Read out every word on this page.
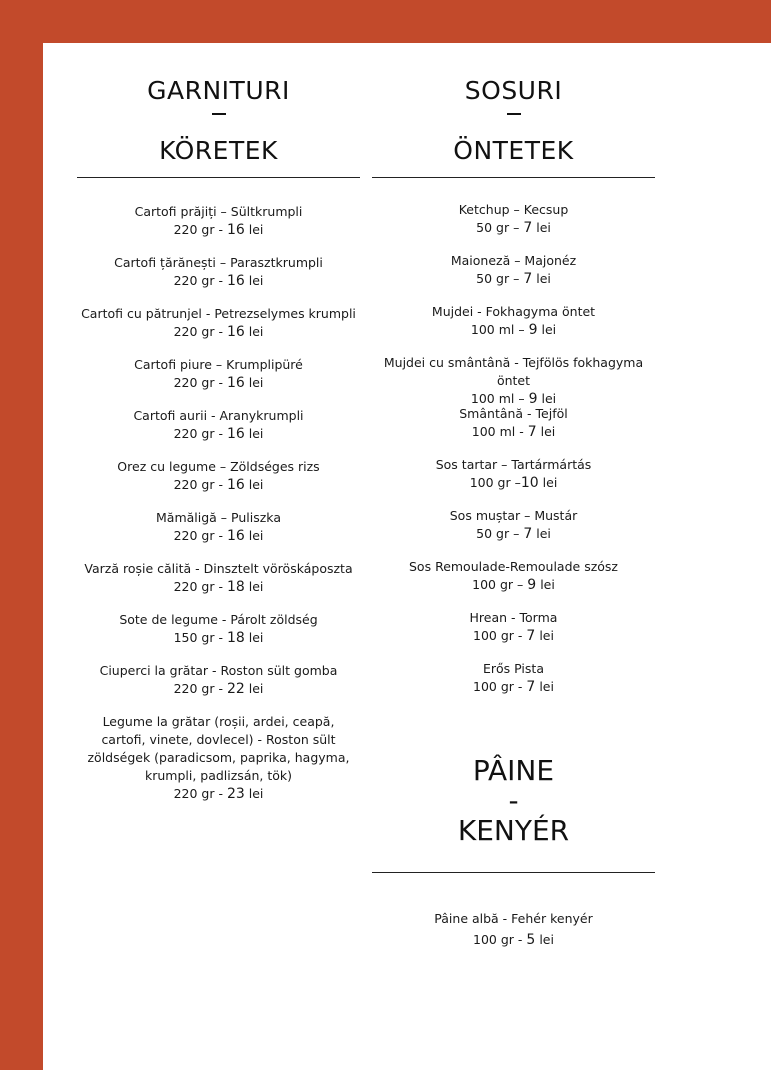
GARNITURI
KÖRETEK
Cartofi prăjiți – Sültkrumpli
220 gr - 16 lei
Cartofi țărănești – Parasztkrumpli
220 gr - 16 lei
Cartofi cu pătrunjel - Petrezselymes krumpli
220 gr - 16 lei
Cartofi piure – Krumplipüré
220 gr - 16 lei
Cartofi aurii - Aranykrumpli
220 gr - 16 lei
Orez cu legume – Zöldséges rizs
220 gr - 16 lei
Mămăligă – Puliszka
220 gr - 16 lei
Varză roșie călită - Dinsztelt vöröskáposzta
220 gr - 18 lei
Sote de legume - Párolt zöldség
150 gr - 18 lei
Ciuperci la grătar - Roston sült gomba
220 gr - 22 lei
Legume la grătar (roșii, ardei, ceapă, cartofi, vinete, dovlecel) - Roston sült zöldségek (paradicsom, paprika, hagyma, krumpli, padlizsán, tök)
220 gr - 23 lei
SOSURI
ÖNTETEK
Ketchup – Kecsup
50 gr – 7 lei
Maioneză – Majonéz
50 gr – 7 lei
Mujdei - Fokhagyma öntet
100 ml – 9 lei
Mujdei cu smântână - Tejfölös fokhagyma öntet
100 ml – 9 lei
Smântână - Tejföl
100 ml - 7 lei
Sos tartar – Tartármártás
100 gr –10 lei
Sos muștar – Mustár
50 gr – 7 lei
Sos Remoulade-Remoulade szósz
100 gr – 9 lei
Hrean - Torma
100 gr - 7 lei
Erős Pista
100 gr - 7 lei
PÂINE
-
KENYÉR
Pâine albă - Fehér kenyér
100 gr - 5 lei
